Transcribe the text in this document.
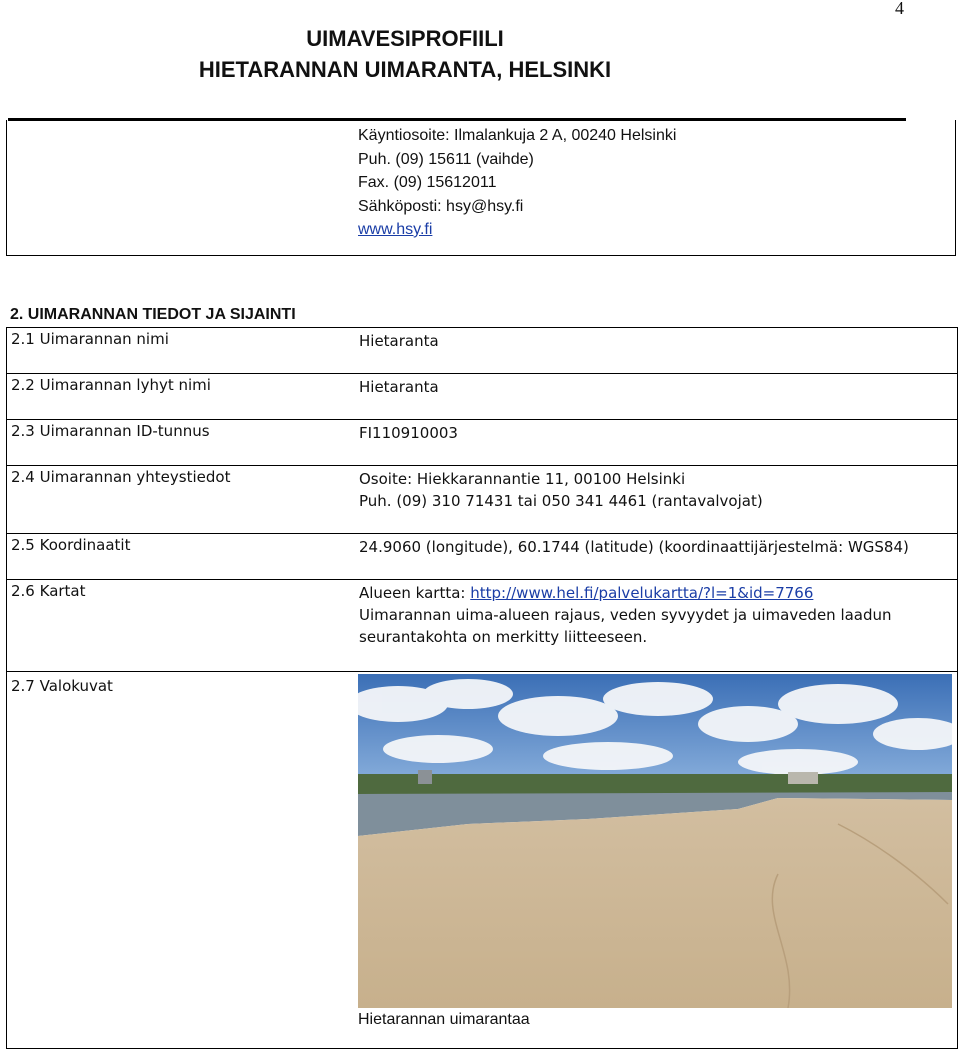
4
UIMAVESIPROFIILI
HIETARANNAN UIMARANTA, HELSINKI
Käyntiosoite: Ilmalankuja 2 A, 00240 Helsinki
Puh. (09) 15611 (vaihde)
Fax. (09) 15612011
Sähköposti: hsy@hsy.fi
www.hsy.fi
2. UIMARANNAN TIEDOT JA SIJAINTI
2.1 Uimarannan nimi	Hietaranta
2.2 Uimarannan lyhyt nimi	Hietaranta
2.3 Uimarannan ID-tunnus	FI110910003
2.4 Uimarannan yhteystiedot	Osoite: Hiekkarannantie 11, 00100 Helsinki
Puh. (09) 310 71431 tai 050 341 4461 (rantavalvojat)
2.5 Koordinaatit	24.9060 (longitude), 60.1744 (latitude) (koordinaattijärjestelmä: WGS84)
2.6 Kartat	Alueen kartta: http://www.hel.fi/palvelukartta/?l=1&id=7766
Uimarannan uima-alueen rajaus, veden syvyydet ja uimaveden laadun
seurantakohta on merkitty liitteeseen.
2.7 Valokuvat
Hietarannan uimarantaa
